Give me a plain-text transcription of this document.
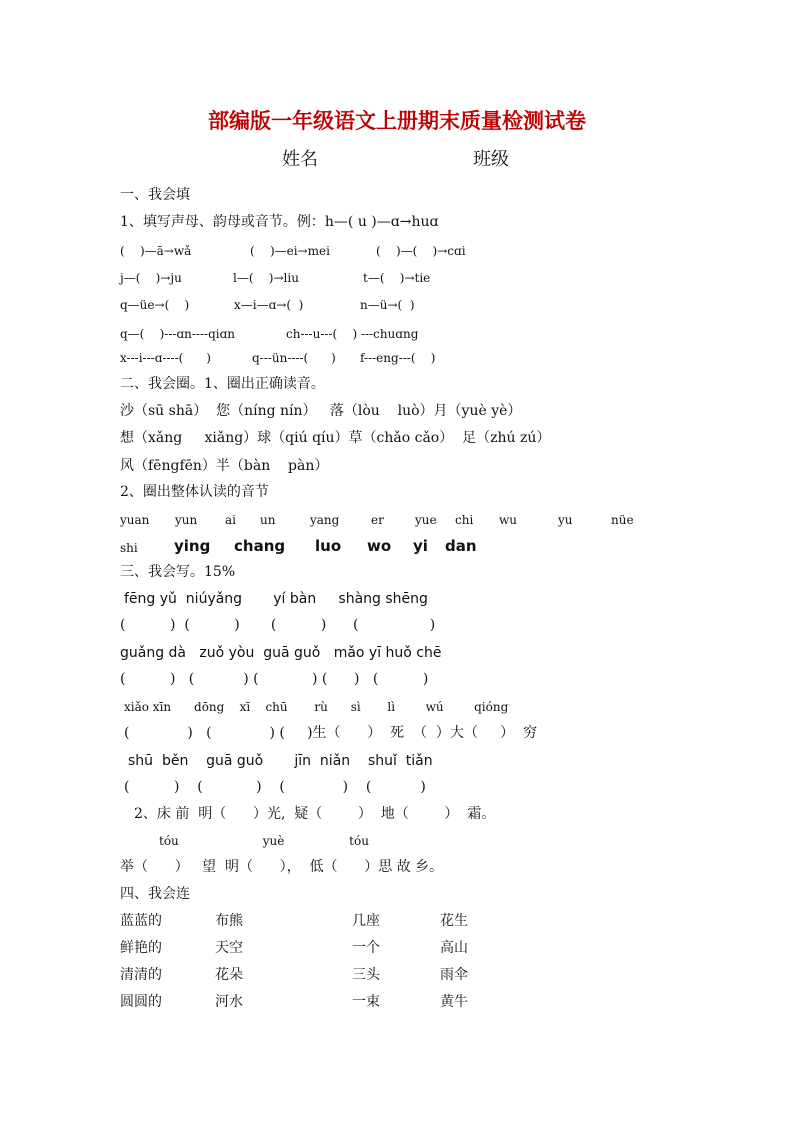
部编版一年级语文上册期末质量检测试卷
姓名	班级
一、我会填
1、填写声母、韵母或音节。例：h—( u )—ɑ→huɑ
(    )—ā→wǎ	(    )—ei→mei	(    )—(    )→cɑi
j—(    )→ju	l—(    )→liu	t—(    )→tie
q—üe→(    )	x—i—ɑ→(  )	n—ü→(  )
q—(    )---ɑn----qiɑn	ch---u---(    ) ---chuɑng
x---i---ɑ----(      )	q---ün----(      ) f---eng---(    )
二、我会圈。1、圈出正确读音。
沙（sū shā）  您（níng nín）   落（lòu    luò）月（yuè yè）
想（xǎng     xiǎng）球（qiú qíu）草（chǎo cǎo）  足（zhú zú）
风（fēngfēn）半（bàn    pàn）
2、圈出整体认读的音节
yuan yun ai un	yang	er	yue chi wu	yu	nüe
shi ying chang luo wo yi dan
三、我会写。15%
fēng yǔ  niúyǎng       yí bàn     shàng shēng
(          )  (          )       (          )      (                )
guǎng dà   zuǒ yòu  guā guǒ   mǎo yī huǒ chē
(          )   (           ) (            ) (      )   (          )
xiǎo xīn      dōng    xī    chū       rù      sì       lì        wú        qióng
(             )   (             ) (     )生（      ）  死  （  ）大（     ）  穷
shū  běn    guā guǒ       jīn  niǎn    shuǐ  tiǎn
(          )    (            )    (             )    (           )
2、床 前  明（      ）光,  疑（        ）  地（        ）  霜。
tóu                      yuè                 tóu
举（      ）   望  明（      ），  低（      ）思 故 乡。
四、我会连
蓝蓝的	布熊	几座	花生
鲜艳的	天空	一个	高山
清清的	花朵	三头	雨伞
圆圆的	河水	一束	黄牛
